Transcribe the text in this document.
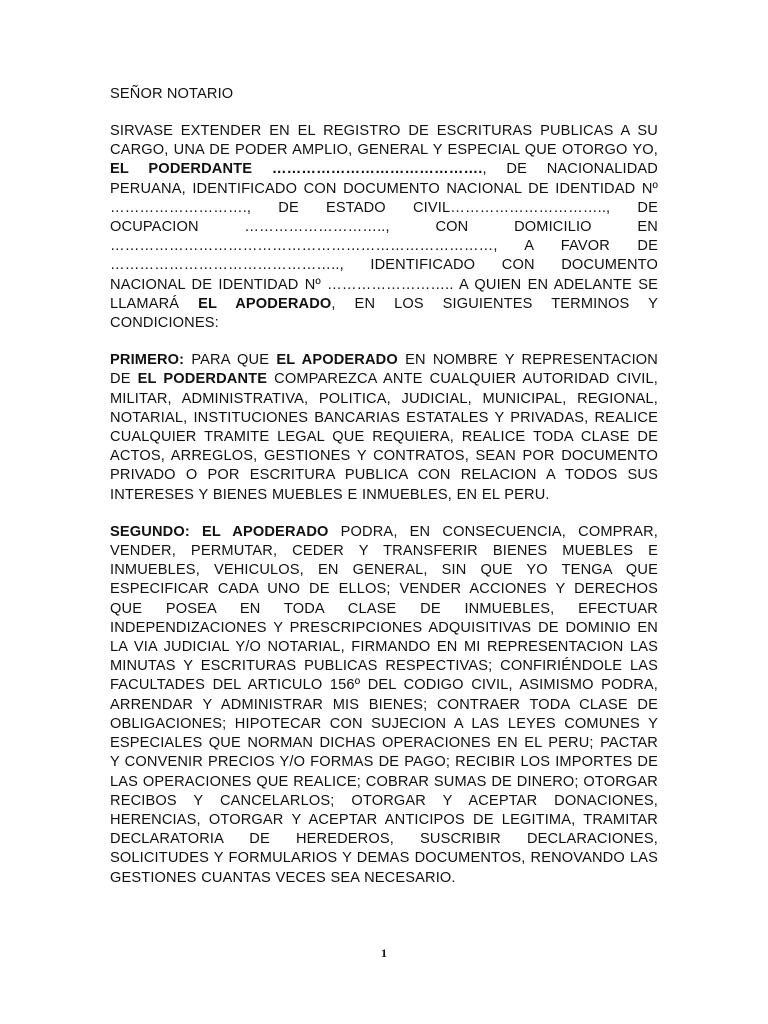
SEÑOR NOTARIO

SIRVASE EXTENDER EN EL REGISTRO DE ESCRITURAS PUBLICAS A SU CARGO, UNA DE PODER AMPLIO, GENERAL Y ESPECIAL QUE OTORGO YO, EL PODERDANTE ……………………………………., DE NACIONALIDAD PERUANA, IDENTIFICADO CON DOCUMENTO NACIONAL DE IDENTIDAD Nº ………………………., DE ESTADO CIVIL………………………….., DE OCUPACION ……………………….., CON DOMICILIO EN ……………………………………………………………………, A FAVOR DE ……………………………………….., IDENTIFICADO CON DOCUMENTO NACIONAL DE IDENTIDAD Nº …………………….. A QUIEN EN ADELANTE SE LLAMARÁ EL APODERADO, EN LOS SIGUIENTES TERMINOS Y CONDICIONES:

PRIMERO: PARA QUE EL APODERADO EN NOMBRE Y REPRESENTACION DE EL PODERDANTE COMPAREZCA ANTE CUALQUIER AUTORIDAD CIVIL, MILITAR, ADMINISTRATIVA, POLITICA, JUDICIAL, MUNICIPAL, REGIONAL, NOTARIAL, INSTITUCIONES BANCARIAS ESTATALES Y PRIVADAS, REALICE CUALQUIER TRAMITE LEGAL QUE REQUIERA, REALICE TODA CLASE DE ACTOS, ARREGLOS, GESTIONES Y CONTRATOS, SEAN POR DOCUMENTO PRIVADO O POR ESCRITURA PUBLICA CON RELACION A TODOS SUS INTERESES Y BIENES MUEBLES E INMUEBLES, EN EL PERU.

SEGUNDO: EL APODERADO PODRA, EN CONSECUENCIA, COMPRAR, VENDER, PERMUTAR, CEDER Y TRANSFERIR BIENES MUEBLES E INMUEBLES, VEHICULOS, EN GENERAL, SIN QUE YO TENGA QUE ESPECIFICAR CADA UNO DE ELLOS; VENDER ACCIONES Y DERECHOS QUE POSEA EN TODA CLASE DE INMUEBLES, EFECTUAR INDEPENDIZACIONES Y PRESCRIPCIONES ADQUISITIVAS DE DOMINIO EN LA VIA JUDICIAL Y/O NOTARIAL, FIRMANDO EN MI REPRESENTACION LAS MINUTAS Y ESCRITURAS PUBLICAS RESPECTIVAS; CONFIRIÉNDOLE LAS FACULTADES DEL ARTICULO 156º DEL CODIGO CIVIL, ASIMISMO PODRA, ARRENDAR Y ADMINISTRAR MIS BIENES; CONTRAER TODA CLASE DE OBLIGACIONES; HIPOTECAR CON SUJECION A LAS LEYES COMUNES Y ESPECIALES QUE NORMAN DICHAS OPERACIONES EN EL PERU; PACTAR Y CONVENIR PRECIOS Y/O FORMAS DE PAGO; RECIBIR LOS IMPORTES DE LAS OPERACIONES QUE REALICE; COBRAR SUMAS DE DINERO; OTORGAR RECIBOS Y CANCELARLOS; OTORGAR Y ACEPTAR DONACIONES, HERENCIAS, OTORGAR Y ACEPTAR ANTICIPOS DE LEGITIMA, TRAMITAR DECLARATORIA DE HEREDEROS, SUSCRIBIR DECLARACIONES, SOLICITUDES Y FORMULARIOS Y DEMAS DOCUMENTOS, RENOVANDO LAS GESTIONES CUANTAS VECES SEA NECESARIO.

1
